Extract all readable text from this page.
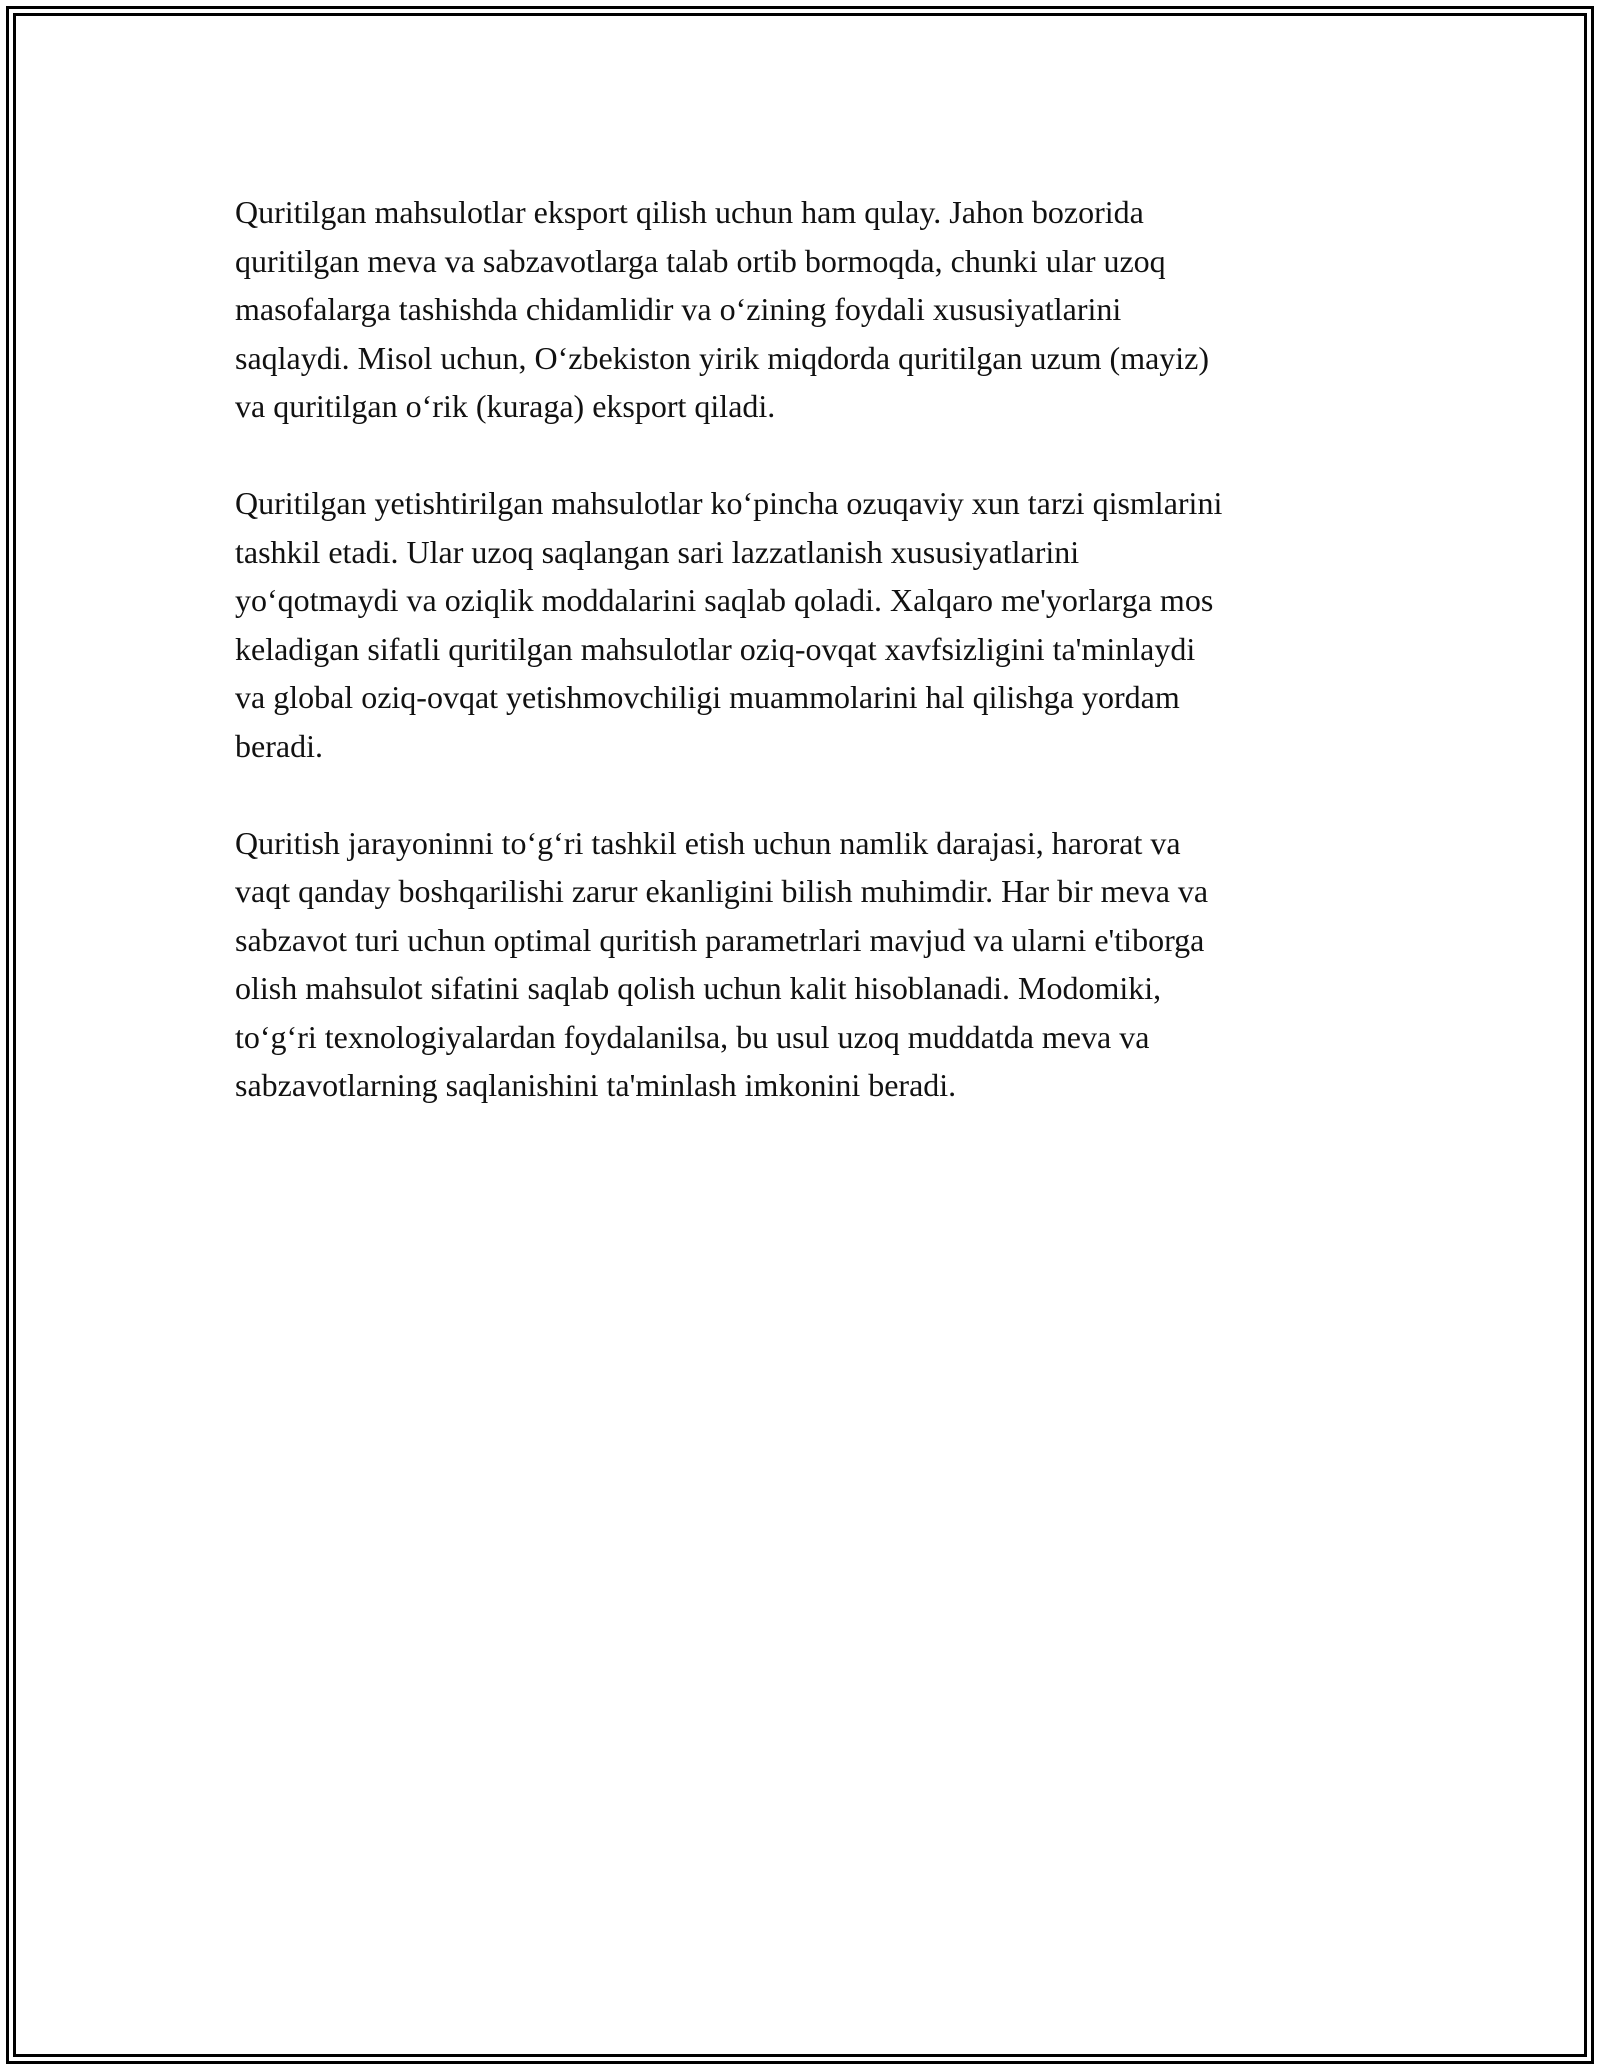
Quritilgan mahsulotlar eksport qilish uchun ham qulay. Jahon bozorida
quritilgan meva va sabzavotlarga talab ortib bormoqda, chunki ular uzoq
masofalarga tashishda chidamlidir va o‘zining foydali xususiyatlarini
saqlaydi. Misol uchun, O‘zbekiston yirik miqdorda quritilgan uzum (mayiz)
va quritilgan o‘rik (kuraga) eksport qiladi.

Quritilgan yetishtirilgan mahsulotlar ko‘pincha ozuqaviy xun tarzi qismlarini
tashkil etadi. Ular uzoq saqlangan sari lazzatlanish xususiyatlarini
yo‘qotmaydi va oziqlik moddalarini saqlab qoladi. Xalqaro me'yorlarga mos
keladigan sifatli quritilgan mahsulotlar oziq-ovqat xavfsizligini ta'minlaydi
va global oziq-ovqat yetishmovchiligi muammolarini hal qilishga yordam
beradi.

Quritish jarayoninni to‘g‘ri tashkil etish uchun namlik darajasi, harorat va
vaqt qanday boshqarilishi zarur ekanligini bilish muhimdir. Har bir meva va
sabzavot turi uchun optimal quritish parametrlari mavjud va ularni e'tiborga
olish mahsulot sifatini saqlab qolish uchun kalit hisoblanadi. Modomiki,
to‘g‘ri texnologiyalardan foydalanilsa, bu usul uzoq muddatda meva va
sabzavotlarning saqlanishini ta'minlash imkonini beradi.
